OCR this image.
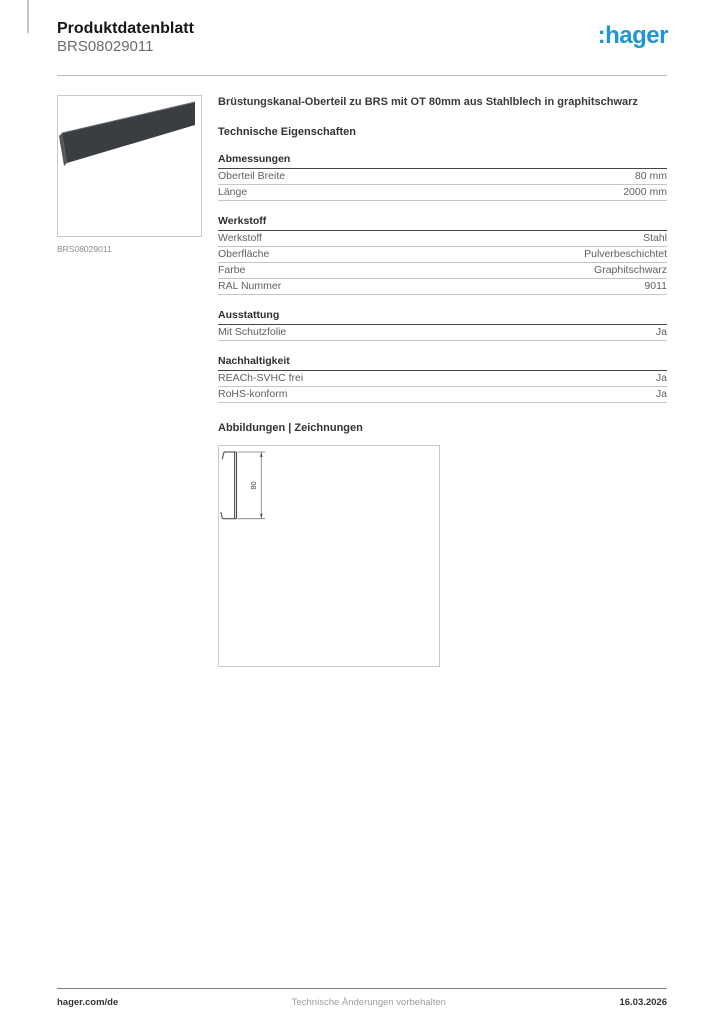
Produktdatenblatt
BRS08029011	:hager
BRS08029011
Brüstungskanal-Oberteil zu BRS mit OT 80mm aus Stahlblech in graphitschwarz
Technische Eigenschaften
Abmessungen
Oberteil Breite	80 mm
Länge	2000 mm
Werkstoff
Werkstoff	Stahl
Oberfläche	Pulverbeschichtet
Farbe	Graphitschwarz
RAL Nummer	9011
Ausstattung
Mit Schutzfolie	Ja
Nachhaltigkeit
REACh-SVHC frei	Ja
RoHS-konform	Ja
Abbildungen | Zeichnungen
80
hager.com/de	Technische Änderungen vorbehalten	16.03.2026
